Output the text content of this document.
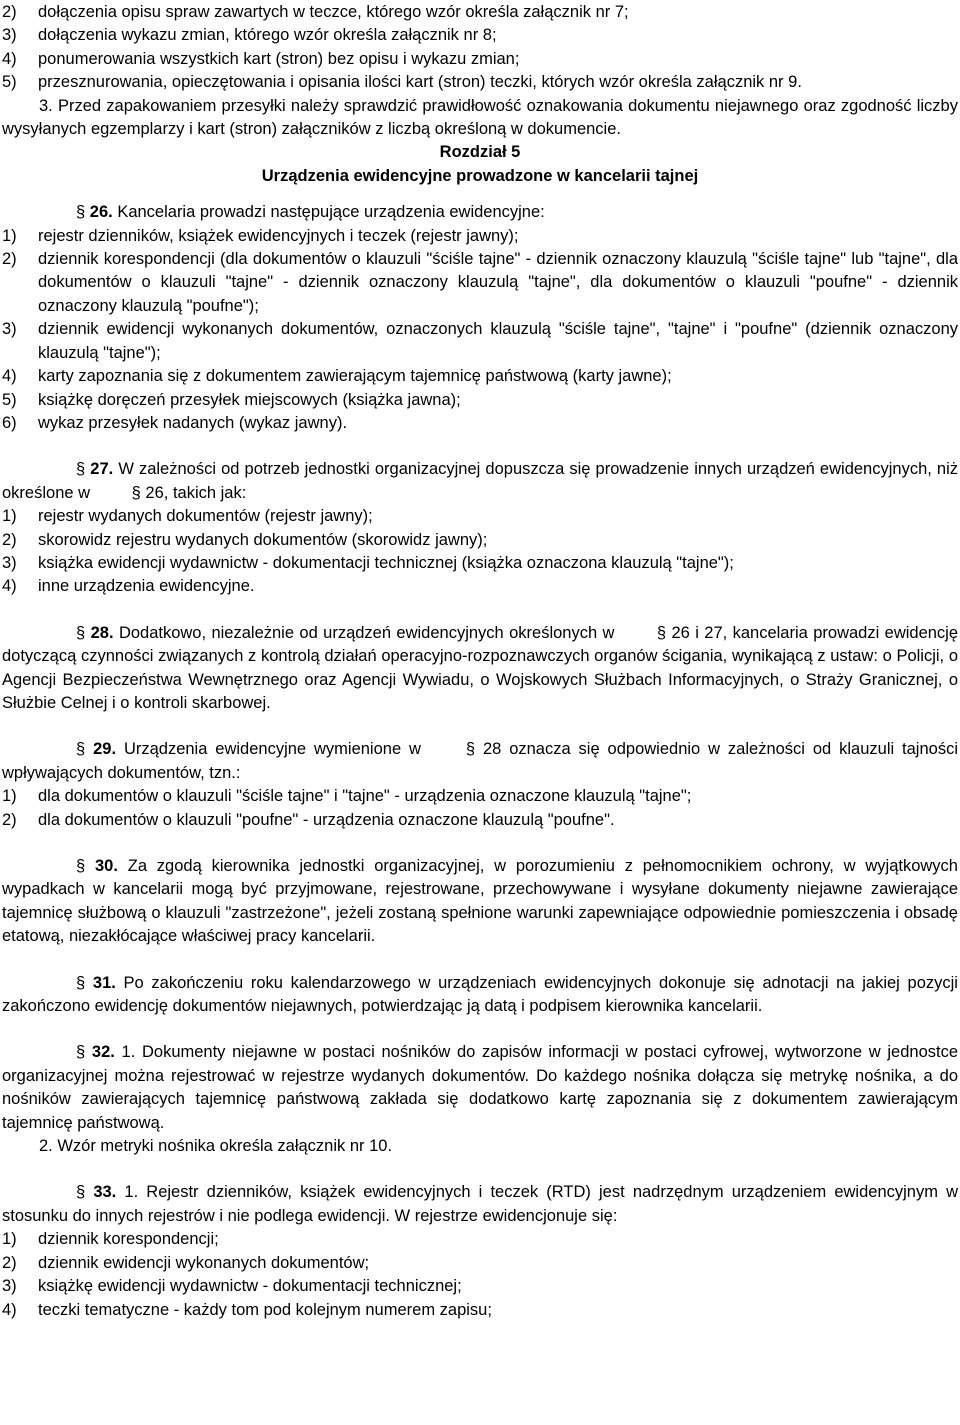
2)	dołączenia opisu spraw zawartych w teczce, którego wzór określa załącznik nr 7;
3)	dołączenia wykazu zmian, którego wzór określa załącznik nr 8;
4)	ponumerowania wszystkich kart (stron) bez opisu i wykazu zmian;
5)	przesznurowania, opieczętowania i opisania ilości kart (stron) teczki, których wzór określa załącznik nr 9.

3. Przed zapakowaniem przesyłki należy sprawdzić prawidłowość oznakowania dokumentu niejawnego oraz zgodność liczby wysyłanych egzemplarzy i kart (stron) załączników z liczbą określoną w dokumencie.

Rozdział 5

Urządzenia ewidencyjne prowadzone w kancelarii tajnej

§ 26. Kancelaria prowadzi następujące urządzenia ewidencyjne:

1)	rejestr dzienników, książek ewidencyjnych i teczek (rejestr jawny);
2)	dziennik korespondencji (dla dokumentów o klauzuli "ściśle tajne" - dziennik oznaczony klauzulą "ściśle tajne" lub "tajne", dla dokumentów o klauzuli "tajne" - dziennik oznaczony klauzulą "tajne", dla dokumentów o klauzuli "poufne" - dziennik oznaczony klauzulą "poufne");
3)	dziennik ewidencji wykonanych dokumentów, oznaczonych klauzulą "ściśle tajne", "tajne" i "poufne" (dziennik oznaczony klauzulą "tajne");
4)	karty zapoznania się z dokumentem zawierającym tajemnicę państwową (karty jawne);
5)	książkę doręczeń przesyłek miejscowych (książka jawna);
6)	wykaz przesyłek nadanych (wykaz jawny).

§ 27. W zależności od potrzeb jednostki organizacyjnej dopuszcza się prowadzenie innych urządzeń ewidencyjnych, niż określone w	§ 26, takich jak:

1)	rejestr wydanych dokumentów (rejestr jawny);
2)	skorowidz rejestru wydanych dokumentów (skorowidz jawny);
3)	książka ewidencji wydawnictw - dokumentacji technicznej (książka oznaczona klauzulą "tajne");
4)	inne urządzenia ewidencyjne.

§ 28. Dodatkowo, niezależnie od urządzeń ewidencyjnych określonych w	§ 26 i 27, kancelaria prowadzi ewidencję dotyczącą czynności związanych z kontrolą działań operacyjno-rozpoznawczych organów ścigania, wynikającą z ustaw: o Policji, o Agencji Bezpieczeństwa Wewnętrznego oraz Agencji Wywiadu, o Wojskowych Służbach Informacyjnych, o Straży Granicznej, o Służbie Celnej i o kontroli skarbowej.

§ 29. Urządzenia ewidencyjne wymienione w	§ 28 oznacza się odpowiednio w zależności od klauzuli tajności wpływających dokumentów, tzn.:

1)	dla dokumentów o klauzuli "ściśle tajne" i "tajne" - urządzenia oznaczone klauzulą "tajne";
2)	dla dokumentów o klauzuli "poufne" - urządzenia oznaczone klauzulą "poufne".

§ 30. Za zgodą kierownika jednostki organizacyjnej, w porozumieniu z pełnomocnikiem ochrony, w wyjątkowych wypadkach w kancelarii mogą być przyjmowane, rejestrowane, przechowywane i wysyłane dokumenty niejawne zawierające tajemnicę służbową o klauzuli "zastrzeżone", jeżeli zostaną spełnione warunki zapewniające odpowiednie pomieszczenia i obsadę etatową, niezakłócające właściwej pracy kancelarii.

§ 31. Po zakończeniu roku kalendarzowego w urządzeniach ewidencyjnych dokonuje się adnotacji na jakiej pozycji zakończono ewidencję dokumentów niejawnych, potwierdzając ją datą i podpisem kierownika kancelarii.

§ 32. 1. Dokumenty niejawne w postaci nośników do zapisów informacji w postaci cyfrowej, wytworzone w jednostce organizacyjnej można rejestrować w rejestrze wydanych dokumentów. Do każdego nośnika dołącza się metrykę nośnika, a do nośników zawierających tajemnicę państwową zakłada się dodatkowo kartę zapoznania się z dokumentem zawierającym tajemnicę państwową.

2. Wzór metryki nośnika określa załącznik nr 10.

§ 33. 1. Rejestr dzienników, książek ewidencyjnych i teczek (RTD) jest nadrzędnym urządzeniem ewidencyjnym w stosunku do innych rejestrów i nie podlega ewidencji. W rejestrze ewidencjonuje się:

1)	dziennik korespondencji;
2)	dziennik ewidencji wykonanych dokumentów;
3)	książkę ewidencji wydawnictw - dokumentacji technicznej;
4)	teczki tematyczne - każdy tom pod kolejnym numerem zapisu;
